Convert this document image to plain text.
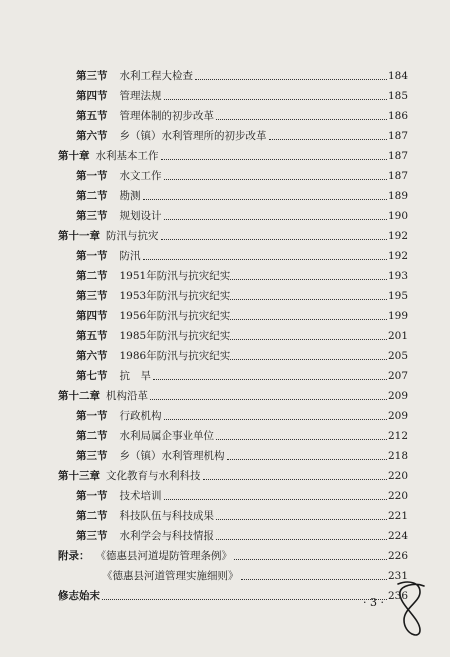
第三节 水利工程大检查	184
第四节 管理法规	185
第五节 管理体制的初步改革	186
第六节 乡（镇）水利管理所的初步改革	187
第十章 水利基本工作	187
第一节 水文工作	187
第二节 勘测	189
第三节 规划设计	190
第十一章 防汛与抗灾	192
第一节 防汛	192
第二节 1951年防汛与抗灾纪实	193
第三节 1953年防汛与抗灾纪实	195
第四节 1956年防汛与抗灾纪实	199
第五节 1985年防汛与抗灾纪实	201
第六节 1986年防汛与抗灾纪实	205
第七节 抗　旱	207
第十二章 机构沿革	209
第一节 行政机构	209
第二节 水利局属企事业单位	212
第三节 乡（镇）水利管理机构	218
第十三章 文化教育与水利科技	220
第一节 技术培训	220
第二节 科技队伍与科技成果	221
第三节 水利学会与科技情报	224
附录： 《德惠县河道堤防管理条例》	226
《德惠县河道管理实施细则》	231
修志始末	236
· 3 ·
